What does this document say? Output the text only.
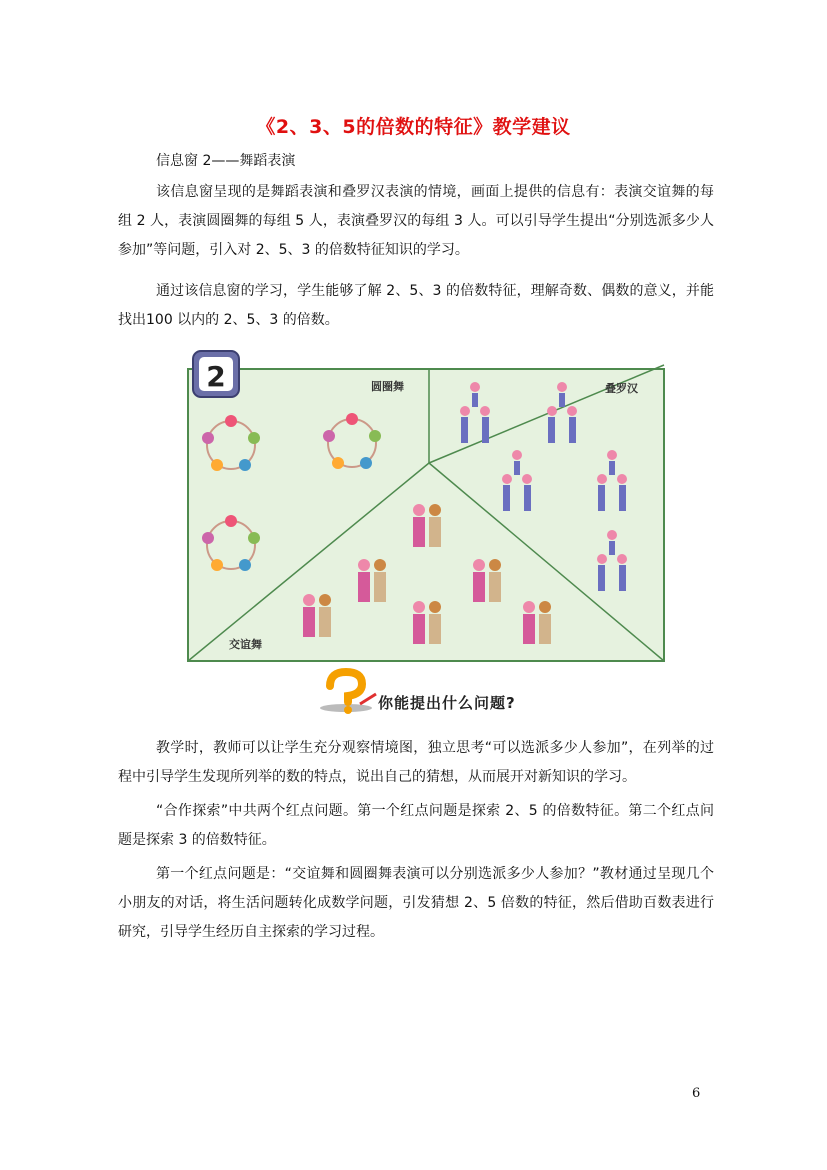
《2、3、5的倍数的特征》教学建议
信息窗 2——舞蹈表演
该信息窗呈现的是舞蹈表演和叠罗汉表演的情境，画面上提供的信息有：表演交谊舞的每组 2 人，表演圆圈舞的每组 5 人，表演叠罗汉的每组 3 人。可以引导学生提出“分别选派多少人参加”等问题，引入对 2、5、3 的倍数特征知识的学习。
通过该信息窗的学习，学生能够了解 2、5、3 的倍数特征，理解奇数、偶数的意义，并能找出100 以内的 2、5、3 的倍数。
2	圆圈舞	叠罗汉
交谊舞
你能提出什么问题?
教学时，教师可以让学生充分观察情境图，独立思考“可以选派多少人参加”，在列举的过程中引导学生发现所列举的数的特点，说出自己的猜想，从而展开对新知识的学习。
“合作探索”中共两个红点问题。第一个红点问题是探索 2、5 的倍数特征。第二个红点问题是探索 3 的倍数特征。
第一个红点问题是：“交谊舞和圆圈舞表演可以分别选派多少人参加？”教材通过呈现几个小朋友的对话，将生活问题转化成数学问题，引发猜想 2、5 倍数的特征，然后借助百数表进行研究，引导学生经历自主探索的学习过程。
6
